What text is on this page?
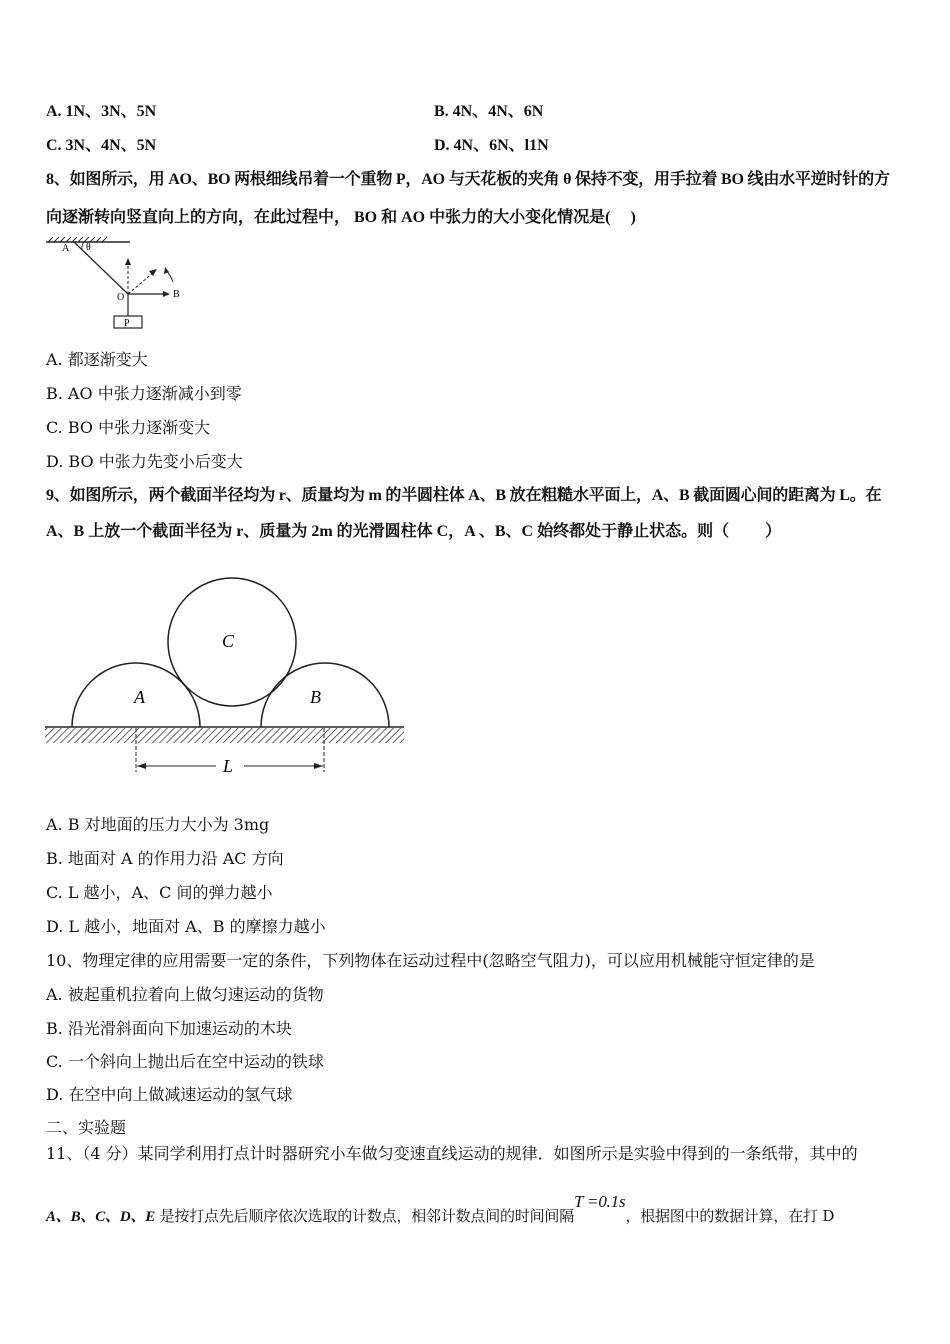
A. 1N、3N、5N	B. 4N、4N、6N
C. 3N、4N、5N	D. 4N、6N、l1N
8、如图所示，用 AO、BO 两根细线吊着一个重物 P，AO 与天花板的夹角 θ 保持不变，用手拉着 BO 线由水平逆时针的方
向逐渐转向竖直向上的方向，在此过程中， BO 和 AO 中张力的大小变化情况是(　 )
A θ
B
O
P
A. 都逐渐变大
B. AO 中张力逐渐减小到零
C. BO 中张力逐渐变大
D. BO 中张力先变小后变大
9、如图所示，两个截面半径均为 r、质量均为 m 的半圆柱体 A、B 放在粗糙水平面上，A、B 截面圆心间的距离为 L。在
A、B 上放一个截面半径为 r、质量为 2m 的光滑圆柱体 C，A 、B、C 始终都处于静止状态。则（　　 ）
A	B
C
L
A. B 对地面的压力大小为 3mg
B. 地面对 A 的作用力沿 AC 方向
C. L 越小，A、C 间的弹力越小
D. L 越小，地面对 A、B 的摩擦力越小
10、物理定律的应用需要一定的条件，下列物体在运动过程中(忽略空气阻力)，可以应用机械能守恒定律的是
A. 被起重机拉着向上做匀速运动的货物
B. 沿光滑斜面向下加速运动的木块
C. 一个斜向上抛出后在空中运动的铁球
D. 在空中向上做减速运动的氢气球
二、实验题
11、（4 分）某同学利用打点计时器研究小车做匀变速直线运动的规律．如图所示是实验中得到的一条纸带，其中的
A、B、C、D、E 是按打点先后顺序依次选取的计数点，相邻计数点间的时间间隔T =0.1s，根据图中的数据计算，在打 D
